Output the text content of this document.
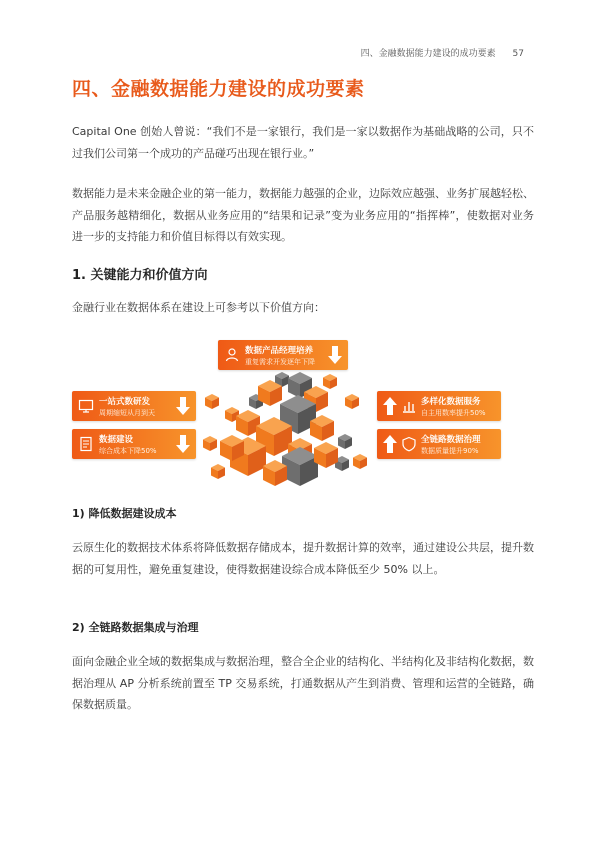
四、金融数据能力建设的成功要素 57
四、金融数据能力建设的成功要素

Capital One 创始人曾说：“我们不是一家银行，我们是一家以数据作为基础战略的公司，只不过我们公司第一个成功的产品碰巧出现在银行业。”

数据能力是未来金融企业的第一能力，数据能力越强的企业，边际效应越强、业务扩展越轻松、产品服务越精细化，数据从业务应用的“结果和记录”变为业务应用的“指挥棒”，使数据对业务进一步的支持能力和价值目标得以有效实现。

1. 关键能力和价值方向

金融行业在数据体系在建设上可参考以下价值方向：

数据产品经理培养
重复需求开发逐年下降
一站式数研发
周期缩短从月到天
数据建设
综合成本下降50%
多样化数据服务
自主用数率提升50%
全链路数据治理
数据质量提升90%
1) 降低数据建设成本

云原生化的数据技术体系将降低数据存储成本，提升数据计算的效率，通过建设公共层，提升数据的可复用性，避免重复建设，使得数据建设综合成本降低至少 50% 以上。

2) 全链路数据集成与治理

面向金融企业全域的数据集成与数据治理，整合全企业的结构化、半结构化及非结构化数据，数据治理从 AP 分析系统前置至 TP 交易系统，打通数据从产生到消费、管理和运营的全链路，确保数据质量。
